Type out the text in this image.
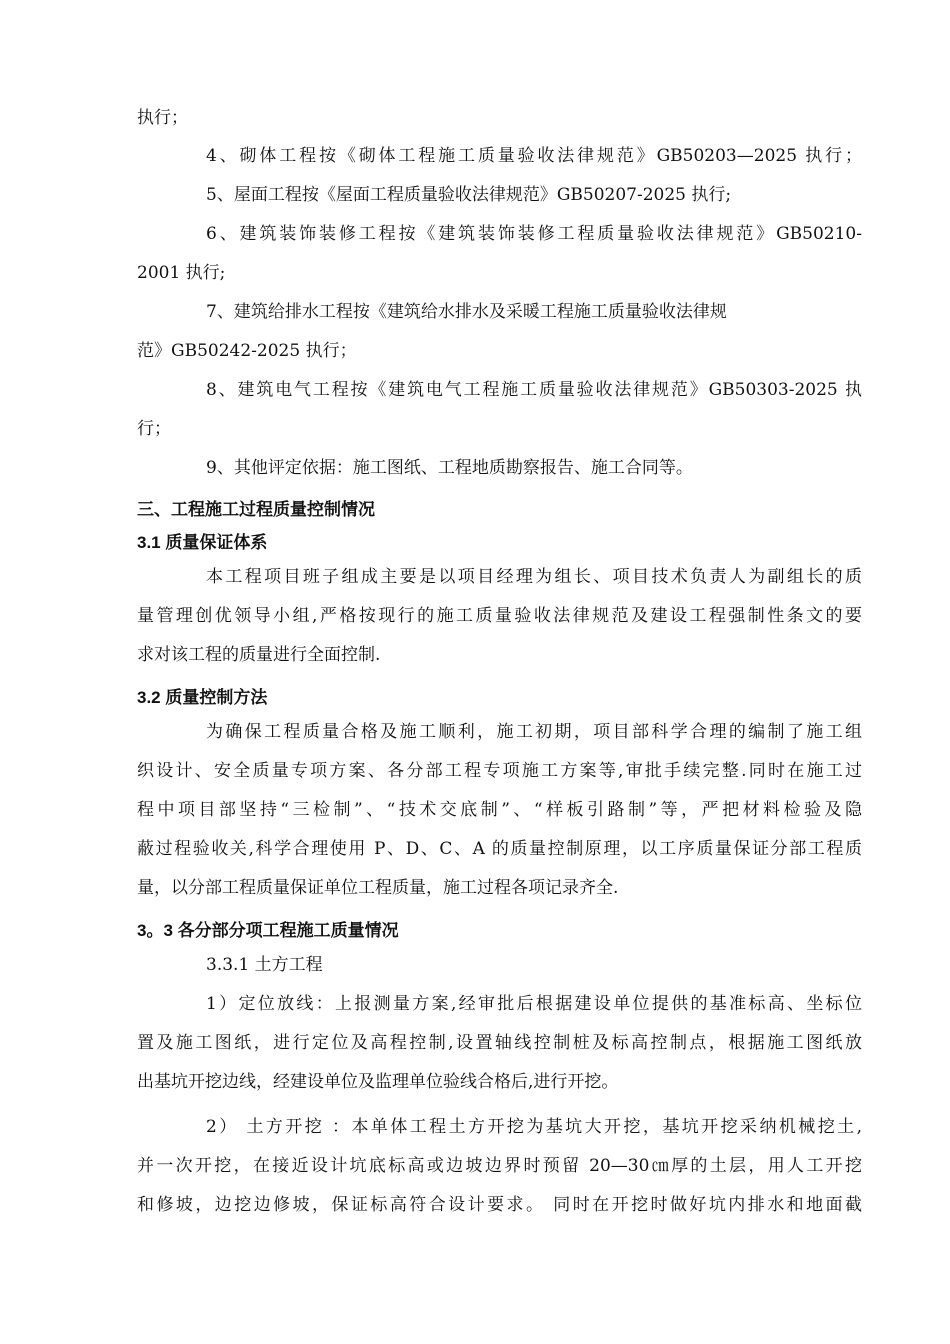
执行；
4、砌体工程按《砌体工程施工质量验收法律规范》GB50203—2025 执行；
5、屋面工程按《屋面工程质量验收法律规范》GB50207-2025 执行;
6、建筑装饰装修工程按《建筑装饰装修工程质量验收法律规范》GB50210-
2001 执行;
7、建筑给排水工程按《建筑给水排水及采暖工程施工质量验收法律规
范》GB50242-2025 执行；
8、建筑电气工程按《建筑电气工程施工质量验收法律规范》GB50303-2025 执
行；
9、其他评定依据：施工图纸、工程地质勘察报告、施工合同等。
三、工程施工过程质量控制情况
3.1 质量保证体系
本工程项目班子组成主要是以项目经理为组长、项目技术负责人为副组长的质
量管理创优领导小组,严格按现行的施工质量验收法律规范及建设工程强制性条文的要
求对该工程的质量进行全面控制.
3.2 质量控制方法
为确保工程质量合格及施工顺利，施工初期，项目部科学合理的编制了施工组
织设计、安全质量专项方案、各分部工程专项施工方案等,审批手续完整.同时在施工过
程中项目部坚持“三检制”、“技术交底制”、“样板引路制”等，严把材料检验及隐
蔽过程验收关,科学合理使用 P、D、C、A 的质量控制原理，以工序质量保证分部工程质
量，以分部工程质量保证单位工程质量，施工过程各项记录齐全.
3。3 各分部分项工程施工质量情况
3.3.1 土方工程
1）定位放线：上报测量方案,经审批后根据建设单位提供的基准标高、坐标位
置及施工图纸，进行定位及高程控制,设置轴线控制桩及标高控制点，根据施工图纸放
出基坑开挖边线，经建设单位及监理单位验线合格后,进行开挖。
2） 土方开挖 ：本单体工程土方开挖为基坑大开挖，基坑开挖采纳机械挖土,
并一次开挖，在接近设计坑底标高或边坡边界时预留 20—30㎝厚的土层，用人工开挖
和修坡，边挖边修坡，保证标高符合设计要求。 同时在开挖时做好坑内排水和地面截
